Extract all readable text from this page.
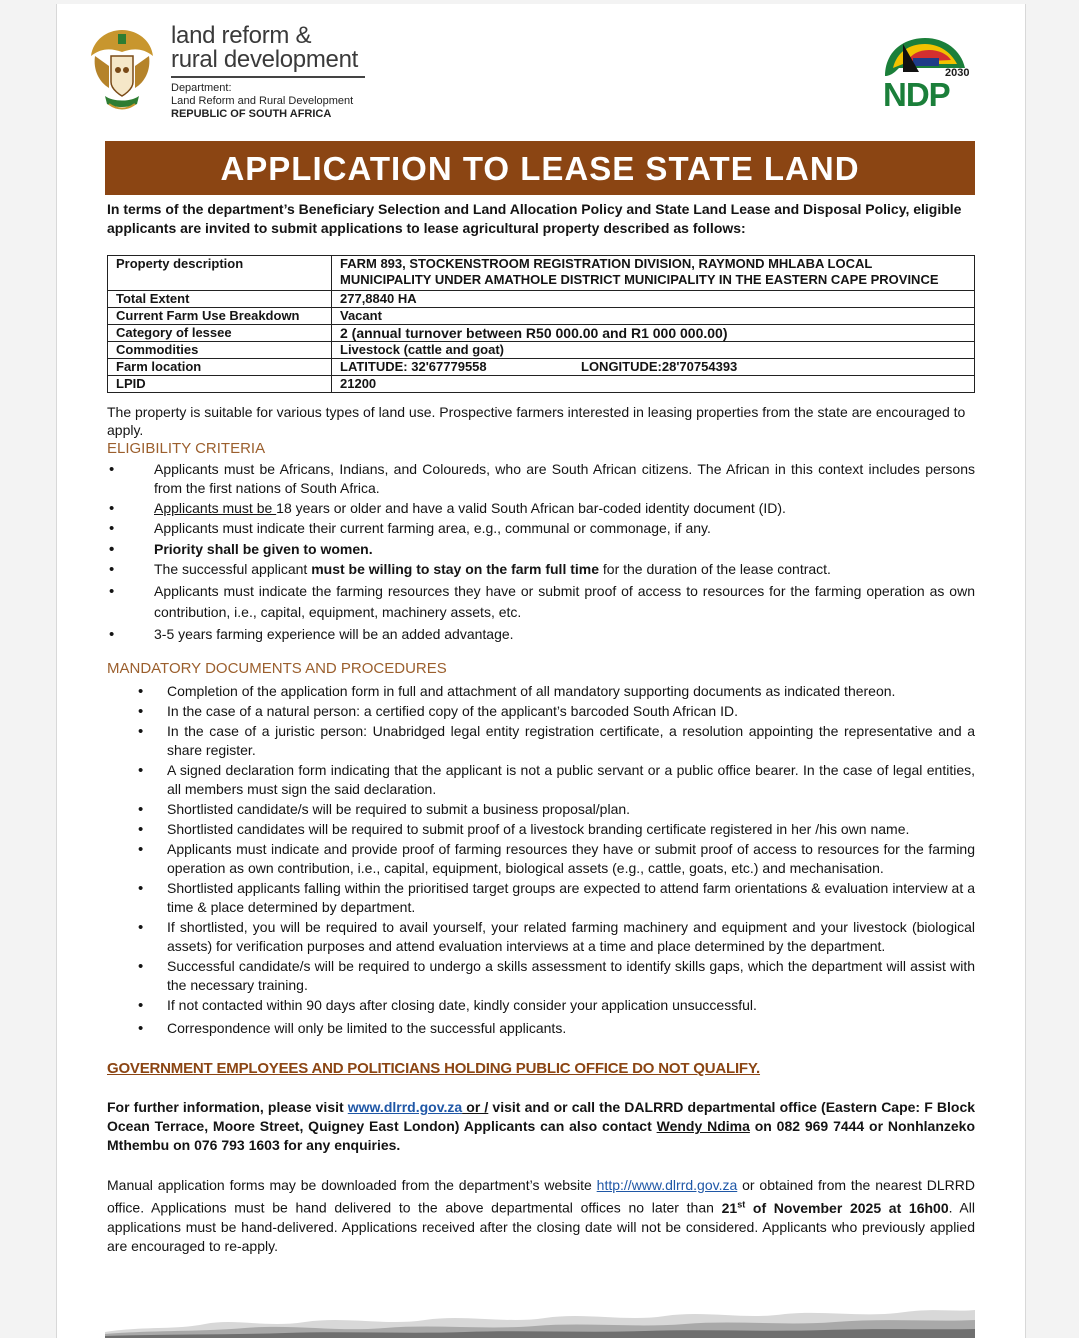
land reform &
rural development
Department:
Land Reform and Rural Development
REPUBLIC OF SOUTH AFRICA
2030
NDP
APPLICATION TO LEASE STATE LAND
In terms of the department’s Beneficiary Selection and Land Allocation Policy and State Land Lease and Disposal Policy, eligible applicants are invited to submit applications to lease agricultural property described as follows:
Property description	FARM 893, STOCKENSTROOM REGISTRATION DIVISION, RAYMOND MHLABA LOCAL MUNICIPALITY UNDER AMATHOLE DISTRICT MUNICIPALITY IN THE EASTERN CAPE PROVINCE
Total Extent	277,8840 HA
Current Farm Use Breakdown	Vacant
Category of lessee	2 (annual turnover between R50 000.00 and R1 000 000.00)
Commodities	Livestock (cattle and goat)
Farm location	LATITUDE: 32'67779558 LONGITUDE:28'70754393
LPID	21200
The property is suitable for various types of land use. Prospective farmers interested in leasing properties from the state are encouraged to apply.
ELIGIBILITY CRITERIA
• Applicants must be Africans, Indians, and Coloureds, who are South African citizens. The African in this context includes persons from the first nations of South Africa.
• Applicants must be 18 years or older and have a valid South African bar-coded identity document (ID).
• Applicants must indicate their current farming area, e.g., communal or commonage, if any.
• Priority shall be given to women.
• The successful applicant must be willing to stay on the farm full time for the duration of the lease contract.
• Applicants must indicate the farming resources they have or submit proof of access to resources for the farming operation as own contribution, i.e., capital, equipment, machinery assets, etc.
• 3-5 years farming experience will be an added advantage.
MANDATORY DOCUMENTS AND PROCEDURES
• Completion of the application form in full and attachment of all mandatory supporting documents as indicated thereon.
• In the case of a natural person: a certified copy of the applicant’s barcoded South African ID.
• In the case of a juristic person: Unabridged legal entity registration certificate, a resolution appointing the representative and a share register.
• A signed declaration form indicating that the applicant is not a public servant or a public office bearer. In the case of legal entities, all members must sign the said declaration.
• Shortlisted candidate/s will be required to submit a business proposal/plan.
• Shortlisted candidates will be required to submit proof of a livestock branding certificate registered in her /his own name.
• Applicants must indicate and provide proof of farming resources they have or submit proof of access to resources for the farming operation as own contribution, i.e., capital, equipment, biological assets (e.g., cattle, goats, etc.) and mechanisation.
• Shortlisted applicants falling within the prioritised target groups are expected to attend farm orientations & evaluation interview at a time & place determined by department.
• If shortlisted, you will be required to avail yourself, your related farming machinery and equipment and your livestock (biological assets) for verification purposes and attend evaluation interviews at a time and place determined by the department.
• Successful candidate/s will be required to undergo a skills assessment to identify skills gaps, which the department will assist with the necessary training.
• If not contacted within 90 days after closing date, kindly consider your application unsuccessful.
• Correspondence will only be limited to the successful applicants.
GOVERNMENT EMPLOYEES AND POLITICIANS HOLDING PUBLIC OFFICE DO NOT QUALIFY.
For further information, please visit www.dlrrd.gov.za or / visit and or call the DALRRD departmental office (Eastern Cape: F Block Ocean Terrace, Moore Street, Quigney East London) Applicants can also contact Wendy Ndima on 082 969 7444 or Nonhlanzeko Mthembu on 076 793 1603 for any enquiries.
Manual application forms may be downloaded from the department’s website http://www.dlrrd.gov.za or obtained from the nearest DLRRD office. Applications must be hand delivered to the above departmental offices no later than 21st of November 2025 at 16h00. All applications must be hand-delivered. Applications received after the closing date will not be considered. Applicants who previously applied are encouraged to re-apply.
